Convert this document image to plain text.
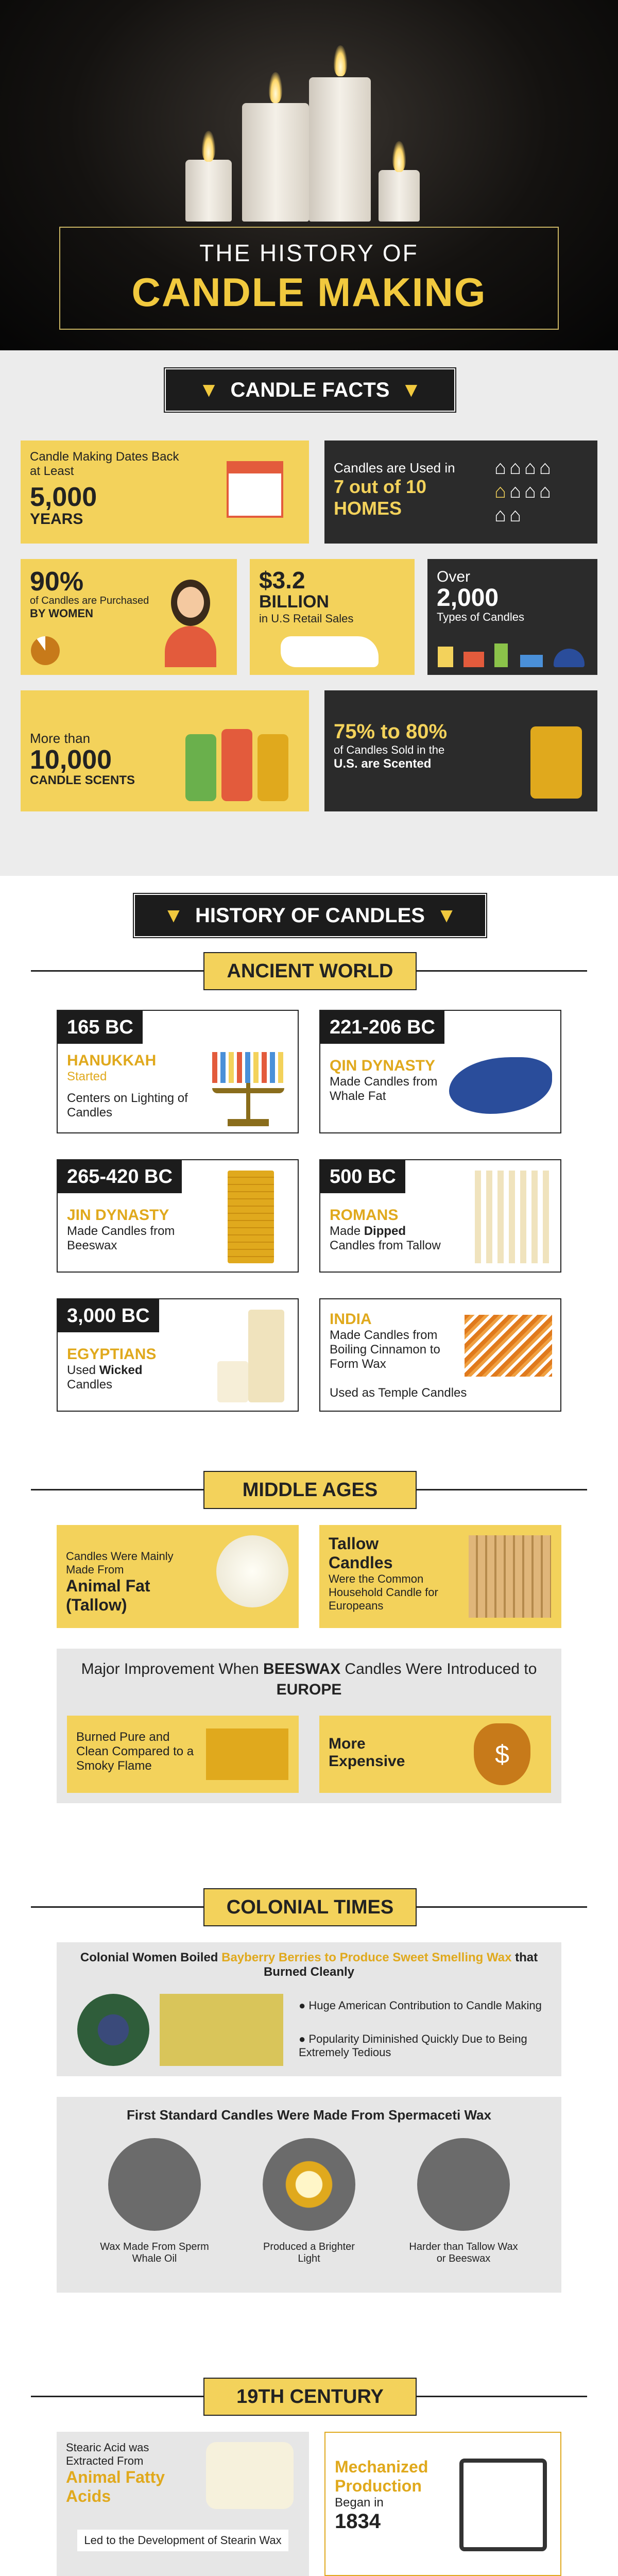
THE HISTORY OF
CANDLE MAKING
▼ CANDLE FACTS ▼
Candle Making Dates Back at Least
5,000
YEARS
Candles are Used in
7 out of 10
HOMES
⌂⌂⌂⌂
⌂⌂⌂⌂
⌂⌂
90%
of Candles are Purchased
BY WOMEN
$3.2
BILLION
in U.S Retail Sales
Over
2,000
Types of Candles
More than
10,000
CANDLE SCENTS
75% to 80%
of Candles Sold in the
U.S. are Scented
▼ HISTORY OF CANDLES ▼
ANCIENT WORLD
165 BC
HANUKKAH
Started
Centers on Lighting of Candles
221-206 BC
QIN DYNASTY
Made Candles from Whale Fat
265-420 BC
JIN DYNASTY
Made Candles from Beeswax
500 BC
ROMANS
Made Dipped Candles from Tallow
3,000 BC
EGYPTIANS
Used Wicked Candles
INDIA
Made Candles from Boiling Cinnamon to Form Wax
Used as Temple Candles
MIDDLE AGES
Candles Were Mainly Made From
Animal Fat (Tallow)
Tallow Candles
Were the Common Household Candle for Europeans
Major Improvement When BEESWAX Candles Were Introduced to
EUROPE
Burned Pure and Clean Compared to a Smoky Flame
More Expensive	$
COLONIAL TIMES
Colonial Women Boiled Bayberry Berries to Produce Sweet Smelling Wax that Burned Cleanly
● Huge American Contribution to Candle Making
● Popularity Diminished Quickly Due to Being Extremely Tedious
First Standard Candles Were Made From Spermaceti Wax
Wax Made From Sperm Whale Oil
Produced a Brighter Light
Harder than Tallow Wax or Beeswax
19TH CENTURY
Stearic Acid was Extracted From
Animal Fatty Acids
Led to the Development of Stearin Wax
Mechanized Production
Began in
1834
